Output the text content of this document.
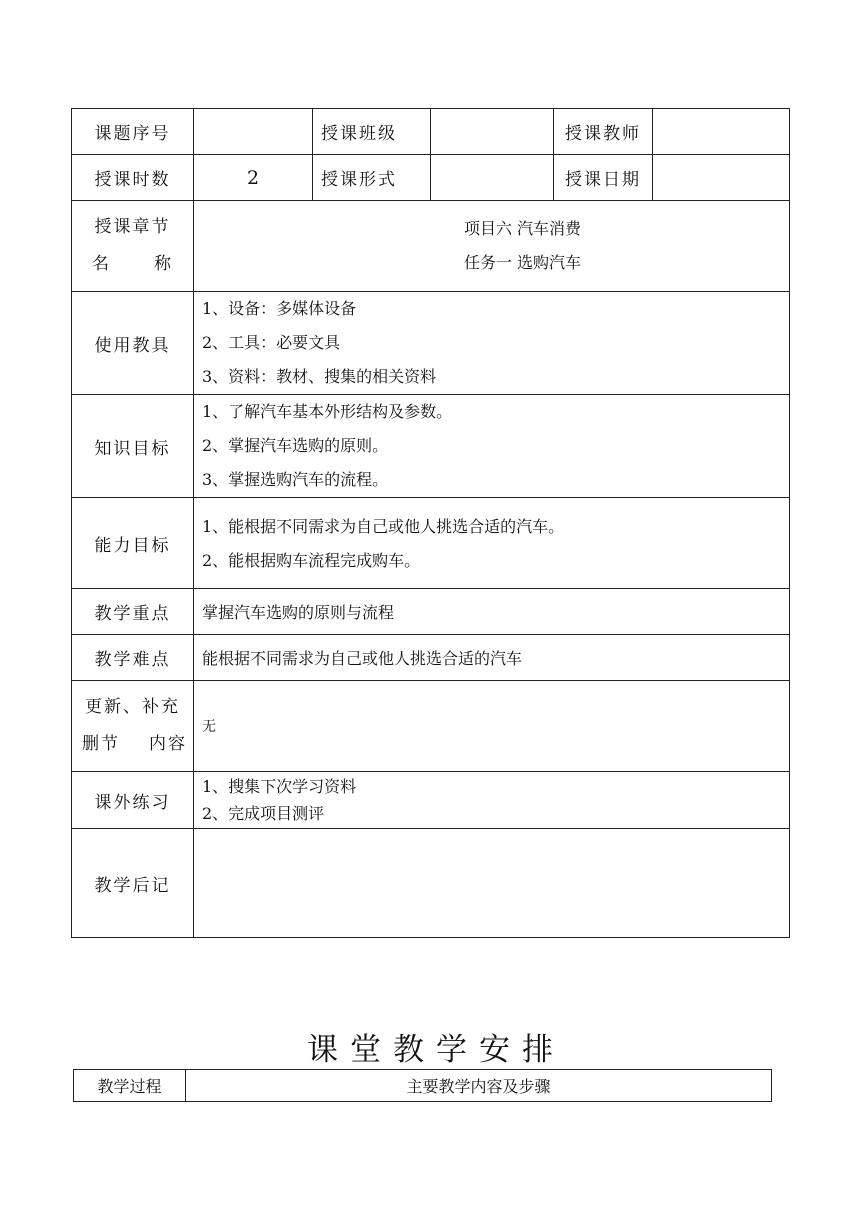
课题序号		授课班级		授课教师	
授课时数	2	授课形式		授课日期	

授课章节
名 称	项目六 汽车消费
任务一 选购汽车				

使用教具	1、设备：多媒体设备
2、工具：必要文具
3、资料：教材、搜集的相关资料				

知识目标	1、了解汽车基本外形结构及参数。
2、掌握汽车选购的原则。
3、掌握选购汽车的流程。				

能力目标	1、能根据不同需求为自己或他人挑选合适的汽车。
2、能根据购车流程完成购车。				

教学重点	掌握汽车选购的原则与流程				
教学难点	能根据不同需求为自己或他人挑选合适的汽车				

更新、补充
删节 内容	无				
课外练习	1、搜集下次学习资料
2、完成项目测评				

教学后记					
课堂教学安排
教学过程	主要教学内容及步骤
